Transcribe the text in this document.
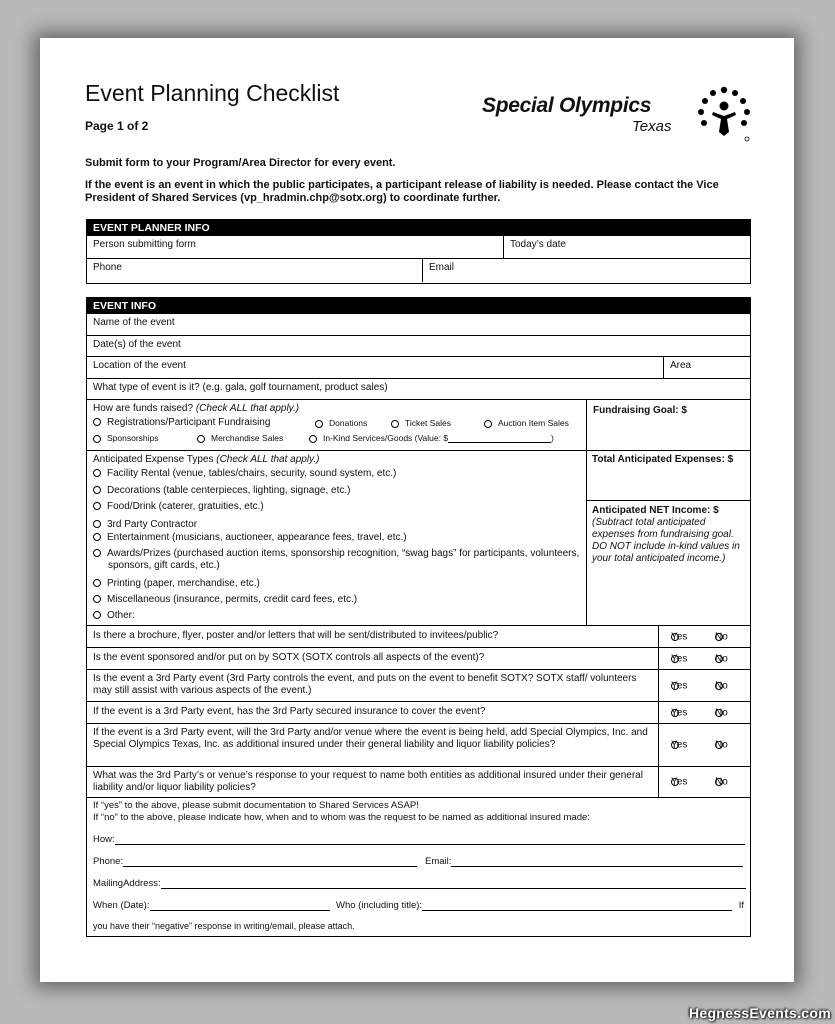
Event Planning Checklist
Page 1 of 2
Special Olympics
Texas
Submit form to your Program/Area Director for every event.
If the event is an event in which the public participates, a participant release of liability is needed. Please contact the Vice President of Shared Services (vp_hradmin.chp@sotx.org) to coordinate further.
EVENT PLANNER INFO
Person submitting form	Today’s date
Phone	Email
EVENT INFO
Name of the event
Date(s) of the event
Location of the event	Area
What type of event is it? (e.g. gala, golf tournament, product sales)
How are funds raised? (Check ALL that apply.)
Registrations/Participant Fundraising	Donations	Ticket Sales	Auction Item Sales
Sponsorships	Merchandise Sales	In-Kind Services/Goods (Value: $	)
Fundraising Goal: $
Anticipated Expense Types (Check ALL that apply.)
Facility Rental (venue, tables/chairs, security, sound system, etc.)
Decorations (table centerpieces, lighting, signage, etc.)
Food/Drink (caterer, gratuities, etc.)
3rd Party Contractor
Entertainment (musicians, auctioneer, appearance fees, travel, etc.)
Awards/Prizes (purchased auction items, sponsorship recognition, “swag bags” for participants, volunteers, sponsors, gift cards, etc.)
Printing (paper, merchandise, etc.)
Miscellaneous (insurance, permits, credit card fees, etc.)
Other:
Total Anticipated Expenses: $
Anticipated NET Income: $
(Subtract total anticipated expenses from fundraising goal. DO NOT include in-kind values in your total anticipated income.)
Is there a brochure, flyer, poster and/or letters that will be sent/distributed to invitees/public?	Yes	No
Is the event sponsored and/or put on by SOTX (SOTX controls all aspects of the event)?	Yes	No
Is the event a 3rd Party event (3rd Party controls the event, and puts on the event to benefit SOTX? SOTX staff/ volunteers may still assist with various aspects of the event.)	Yes	No
If the event is a 3rd Party event, has the 3rd Party secured insurance to cover the event?	Yes	No
If the event is a 3rd Party event, will the 3rd Party and/or venue where the event is being held, add Special Olympics, Inc. and Special Olympics Texas, Inc. as additional insured under their general liability and liquor liability policies?	Yes	No
What was the 3rd Party’s or venue’s response to your request to name both entities as additional insured under their general liability and/or liquor liability policies?	Yes	No
If “yes” to the above, please submit documentation to Shared Services ASAP!
If “no” to the above, please indicate how, when and to whom was the request to be named as additional insured made:
How:
Phone:	Email:
MailingAddress:
When (Date):	Who (including title):	If
you have their “negative” response in writing/email, please attach.
HegnessEvents.com
